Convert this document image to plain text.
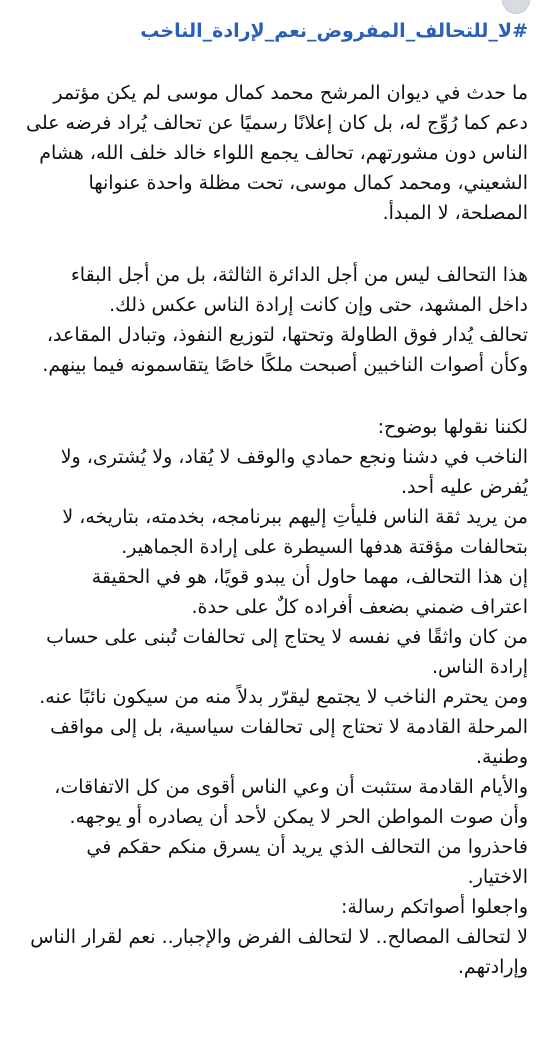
#لا_للتحالف_المفروض_نعم_لإرادة_الناخب
ما حدث في ديوان المرشح محمد كمال موسى لم يكن مؤتمر
دعم كما رُوِّج له، بل كان إعلانًا رسميًا عن تحالف يُراد فرضه على
الناس دون مشورتهم، تحالف يجمع اللواء خالد خلف الله، هشام
الشعيني، ومحمد كمال موسى، تحت مظلة واحدة عنوانها
المصلحة، لا المبدأ.
هذا التحالف ليس من أجل الدائرة الثالثة، بل من أجل البقاء
داخل المشهد، حتى وإن كانت إرادة الناس عكس ذلك.
تحالف يُدار فوق الطاولة وتحتها، لتوزيع النفوذ، وتبادل المقاعد،
وكأن أصوات الناخبين أصبحت ملكًا خاصًا يتقاسمونه فيما بينهم.
لكننا نقولها بوضوح:
الناخب في دشنا ونجع حمادي والوقف لا يُقاد، ولا يُشترى، ولا
يُفرض عليه أحد.
من يريد ثقة الناس فليأتِ إليهم ببرنامجه، بخدمته، بتاريخه، لا
بتحالفات مؤقتة هدفها السيطرة على إرادة الجماهير.
إن هذا التحالف، مهما حاول أن يبدو قويًا، هو في الحقيقة
اعتراف ضمني بضعف أفراده كلٌ على حدة.
من كان واثقًا في نفسه لا يحتاج إلى تحالفات تُبنى على حساب
إرادة الناس.
ومن يحترم الناخب لا يجتمع ليقرّر بدلاً منه من سيكون نائبًا عنه.
المرحلة القادمة لا تحتاج إلى تحالفات سياسية، بل إلى مواقف
وطنية.
والأيام القادمة ستثبت أن وعي الناس أقوى من كل الاتفاقات،
وأن صوت المواطن الحر لا يمكن لأحد أن يصادره أو يوجهه.
فاحذروا من التحالف الذي يريد أن يسرق منكم حقكم في
الاختيار.
واجعلوا أصواتكم رسالة:
لا لتحالف المصالح.. لا لتحالف الفرض والإجبار.. نعم لقرار الناس
وإرادتهم.
